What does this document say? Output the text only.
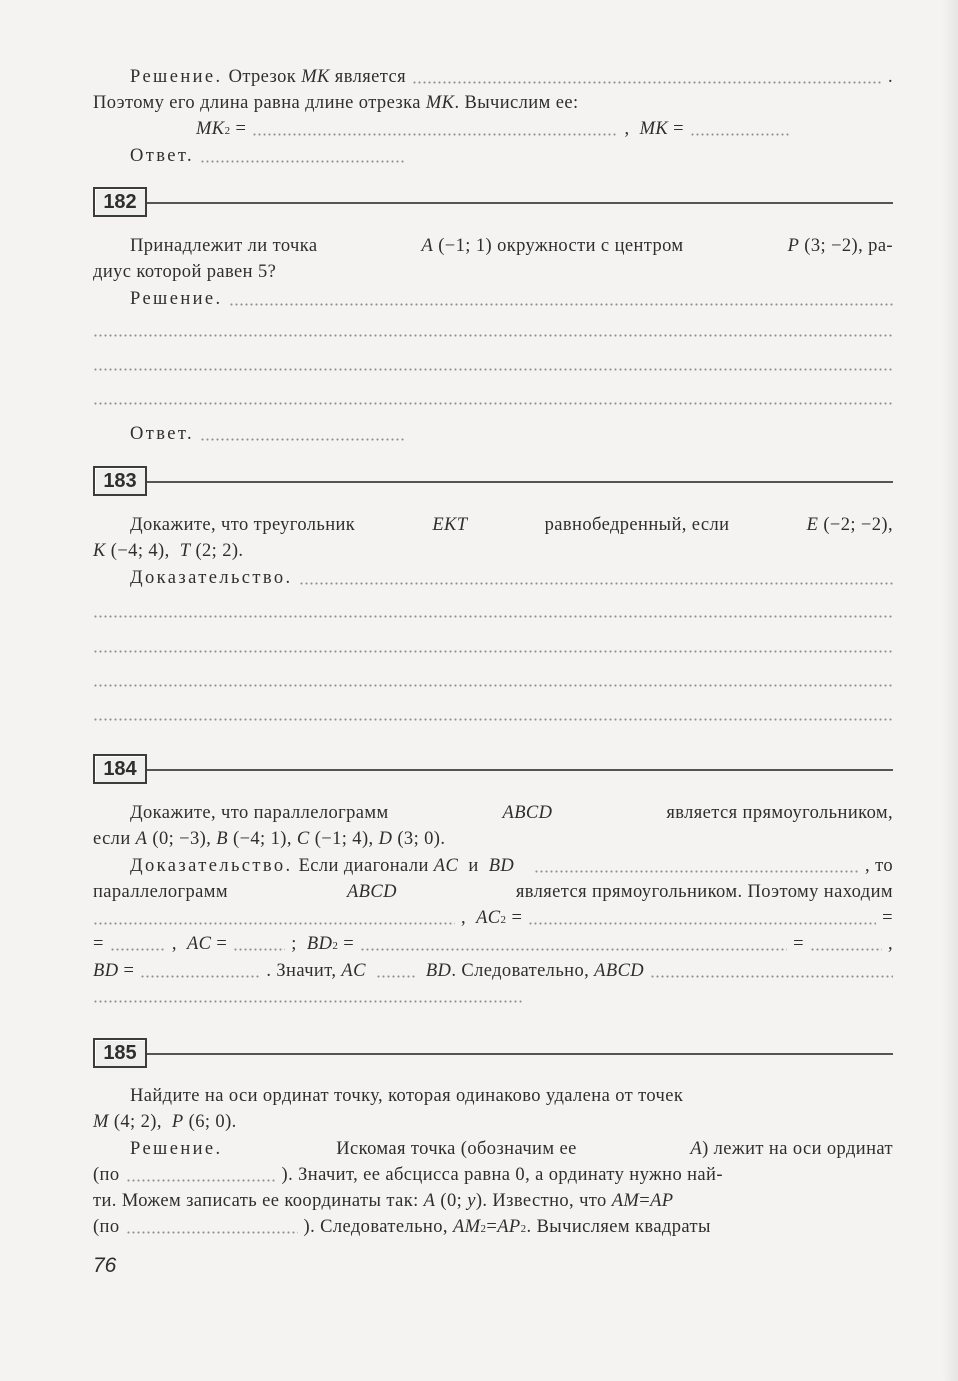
Решение. Отрезок
MK
является	.
Поэтому его длина равна длине отрезка MK. Вычислим ее:
MK 2
=	,
MK
=
Ответ.
182
Принадлежит ли точка	A (−1; 1) окружности с центром	P (3; −2), ра-
диус которой равен 5?
Решение.
Ответ.
183
Докажите, что треугольник	EKT	равнобедренный, если	E (−2; −2),
K (−4; 4), T (2; 2).
Доказательство.
184
Докажите, что параллелограмм	ABCD	является прямоугольником,
если A (0; −3), B (−4; 1), C (−1; 4), D (3; 0).
Доказательство. Если диагонали
AC
и
BD	, то
параллелограмм	ABCD	является прямоугольником. Поэтому находим
,
AC 2
=	=
=	,
AC
=	;
BD 2
=	=	,
BD
=	. Значит,
AC	BD . Следовательно,
ABCD
185
Найдите на оси ординат точку, которая одинаково удалена от точек
M (4; 2), P (6; 0).
Решение.	Искомая точка (обозначим ее	A) лежит на оси ординат
(по	). Значит, ее абсцисса равна 0, а ординату нужно най-
ти. Можем записать ее координаты так: A (0; y). Известно, что AM=AP
(по	). Следовательно,
AM 2 = AP 2 . Вычисляем квадраты
76
